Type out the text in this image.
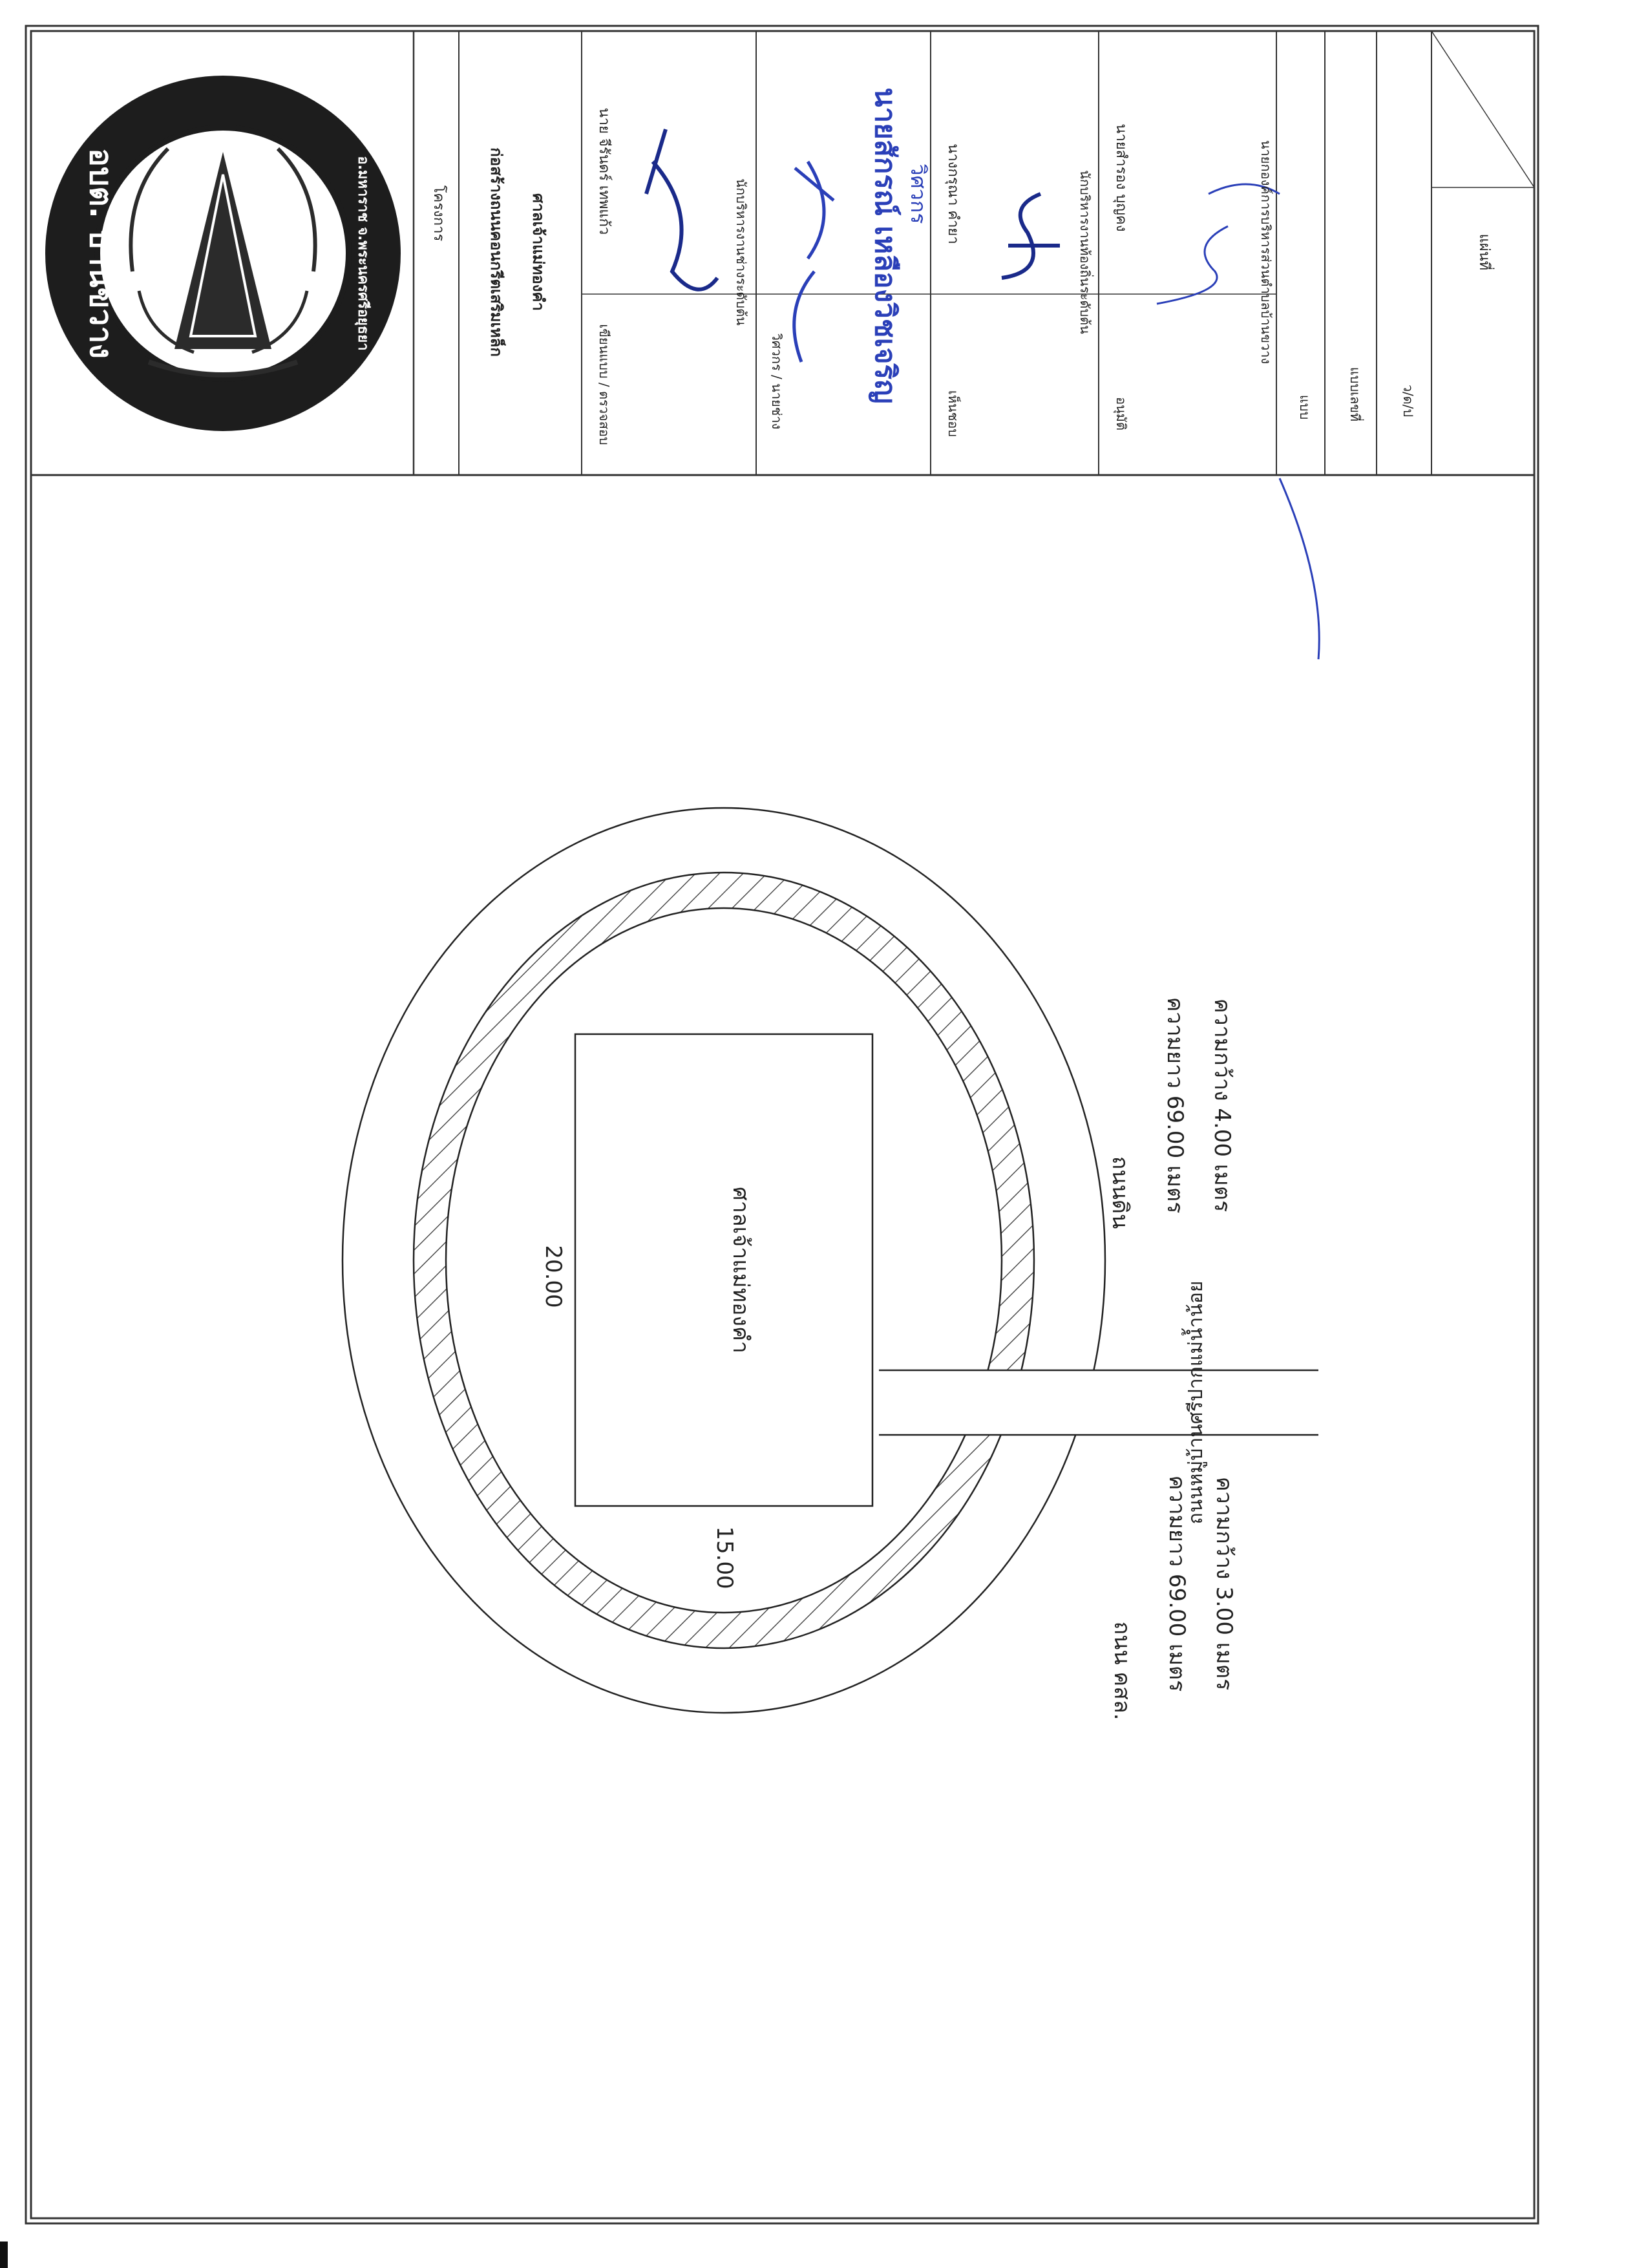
อบต. บ้านขวาง	อ.มหาราช จ.พระนครศรีอยุธยา	โครงการ	ก่อสร้างถนนคอนกรีตเสริมเหล็ก ศาลเจ้าแม่ทองคำ
เขียนแบบ / ตรวจสอบ
นาย จีรันดร์ เทพแก้ว
นักบริหารงานช่างระดับต้น
วิศวกร / นายช่าง	นายสักรณ์ เหลืองวิชเจริญ วิศวกร
เห็นชอบ
นางกรุณา คำยา	นักบริหารงานท้องถิ่นระดับต้น
อนุมัติ
นายสำรอง บุญคง	นายกองค์การบริหารส่วนตำบลบ้านขวาง
แบบ	แบบเลขที่	ว/ด/ป
แผ่นที่
ศาลเจ้าแม่ทองคำ
20.00
15.00
ถนนหมู่บ้านศรีปากแม่น้ำน้อย
ถนนดิน ความยาว 69.00 เมตร ความกว้าง 4.00 เมตร
ถนน คสล. ความยาว 69.00 เมตร ความกว้าง 3.00 เมตร
